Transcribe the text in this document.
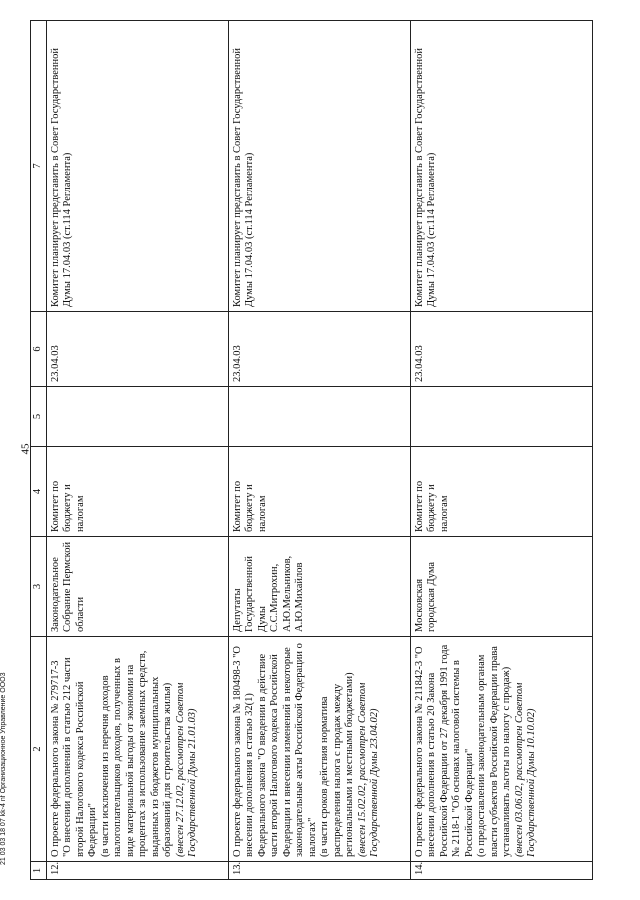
45
1	2	3	4	5	6	7
12.	О проекте федерального закона № 279717-3
"О внесении дополнений в статью 212 части второй Налогового кодекса Российской Федерации"
(в части исключения из перечня доходов налогоплательщиков доходов, полученных в виде материальной выгоды от экономии на процентах за использование заемных средств, выданных из бюджетов муниципальных образований для строительства жилья) (внесен 27.12.02, рассмотрен Советом Государственной Думы 21.01.03)	Законодательное Собрание Пермской области	Комитет по бюджету и налогам		23.04.03	Комитет планирует представить в Совет Государственной Думы 17.04.03 (ст.114 Регламента)
13.	О проекте федерального закона № 180498-3 "О внесении дополнения в статью 32(1) Федерального закона "О введении в действие части второй Налогового кодекса Российской Федерации и внесении изменений в некоторые законодательные акты Российской Федерации о налогах"
(в части сроков действия норматива распределения налога с продаж между региональными и местными бюджетами) (внесен 15.02.02, рассмотрен Советом Государственной Думы 23.04.02)	Депутаты Государственной Думы С.С.Митрохин, А.Ю.Мельников, А.Ю.Михайлов	Комитет по бюджету и налогам		23.04.03	Комитет планирует представить в Совет Государственной Думы 17.04.03 (ст.114 Регламента)
14.	О проекте федерального закона № 211842-3 "О внесении дополнения в статью 20 Закона Российской Федерации от 27 декабря 1991 года № 2118-1 "Об основах налоговой системы в Российской Федерации"
(о предоставлении законодательным органам власти субъектов Российской Федерации права устанавливать льготы по налогу с продаж) (внесен 03.06.02, рассмотрен Советом Государственной Думы 10.10.02)	Московская городская Дума	Комитет по бюджету и налогам		23.04.03	Комитет планирует представить в Совет Государственной Думы 17.04.03 (ст.114 Регламента)
21 03 03 18 07 kk-4 nf Организационное Управление ООО3
